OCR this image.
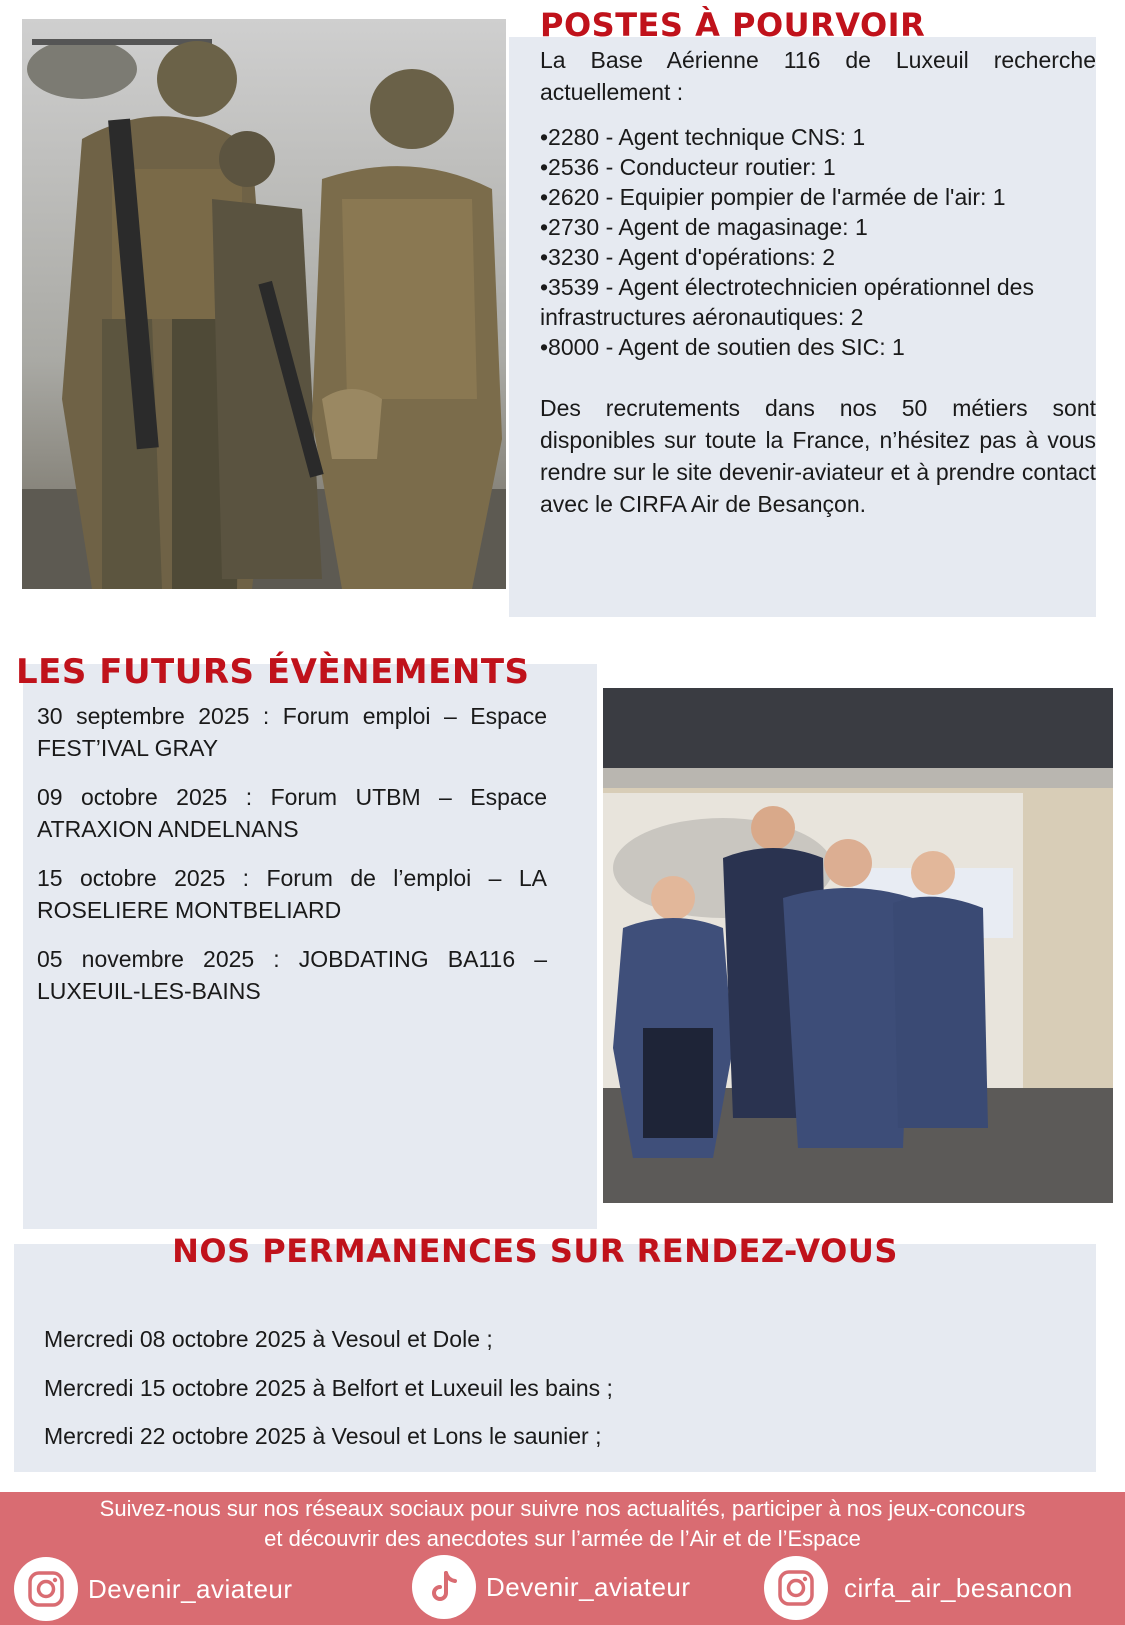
POSTES À POURVOIR
La Base Aérienne 116 de Luxeuil recherche actuellement :
•2280 - Agent technique CNS: 1
•2536 - Conducteur routier: 1
•2620 - Equipier pompier de l'armée de l'air: 1
•2730 - Agent de magasinage: 1
•3230 - Agent d'opérations: 2
•3539 - Agent électrotechnicien opérationnel des infrastructures aéronautiques: 2
•8000 - Agent de soutien des SIC: 1
Des recrutements dans nos 50 métiers sont disponibles sur toute la France, n’hésitez pas à vous rendre sur le site devenir-aviateur et à prendre contact avec le CIRFA Air de Besançon.
LES FUTURS ÉVÈNEMENTS
30 septembre 2025 : Forum emploi – Espace FEST’IVAL GRAY
09 octobre 2025 : Forum UTBM – Espace ATRAXION ANDELNANS
15 octobre 2025 : Forum de l’emploi – LA ROSELIERE MONTBELIARD
05 novembre 2025 : JOBDATING BA116 – LUXEUIL-LES-BAINS
NOS PERMANENCES SUR RENDEZ-VOUS
Mercredi 08 octobre 2025 à Vesoul et Dole ;
Mercredi 15 octobre 2025 à Belfort et Luxeuil les bains ;
Mercredi 22 octobre 2025 à Vesoul et Lons le saunier ;
Suivez-nous sur nos réseaux sociaux pour suivre nos actualités, participer à nos jeux-concours
et découvrir des anecdotes sur l’armée de l’Air et de l’Espace
Devenir_aviateur	Devenir_aviateur	cirfa_air_besancon
